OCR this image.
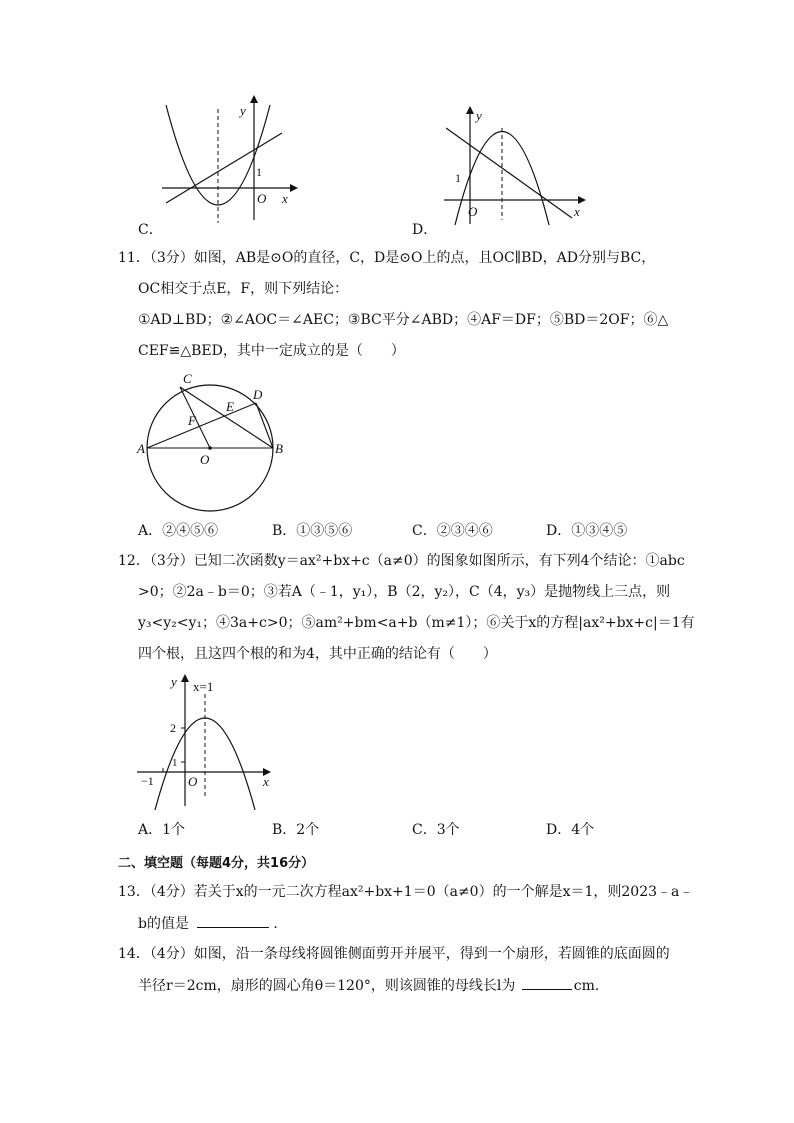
y
x
O
1
C．
y
x
O
1
D．
11．（3分）如图，AB是⊙O的直径，C，D是⊙O上的点，且OC∥BD，AD分别与BC，
OC相交于点E，F，则下列结论：
①AD⊥BD；②∠AOC＝∠AEC；③BC平分∠ABD；④AF＝DF；⑤BD＝2OF；⑥△
CEF≌△BED，其中一定成立的是（　　）
C
D
E
F
A	B
O
A．②④⑤⑥	B．①③⑤⑥	C．②③④⑥	D．①③④⑤
12．（3分）已知二次函数y＝ax²+bx+c（a≠0）的图象如图所示，有下列4个结论：①abc
>0；②2a﹣b＝0；③若A（﹣1，y₁），B（2，y₂），C（4，y₃）是抛物线上三点，则
y₃<y₂<y₁；④3a+c>0；⑤am²+bm<a+b（m≠1）；⑥关于x的方程|ax²+bx+c|＝1有
四个根，且这四个根的和为4，其中正确的结论有（　　）
y x=1
2
1
−1	O	x
A．1个	B．2个	C．3个	D．4个
二、填空题（每题4分，共16分）
13．（4分）若关于x的一元二次方程ax²+bx+1＝0（a≠0）的一个解是x＝1，则2023﹣a﹣
b的值是	．
14．（4分）如图，沿一条母线将圆锥侧面剪开并展平，得到一个扇形，若圆锥的底面圆的
半径r＝2cm，扇形的圆心角θ＝120°，则该圆锥的母线长l为	cm.
